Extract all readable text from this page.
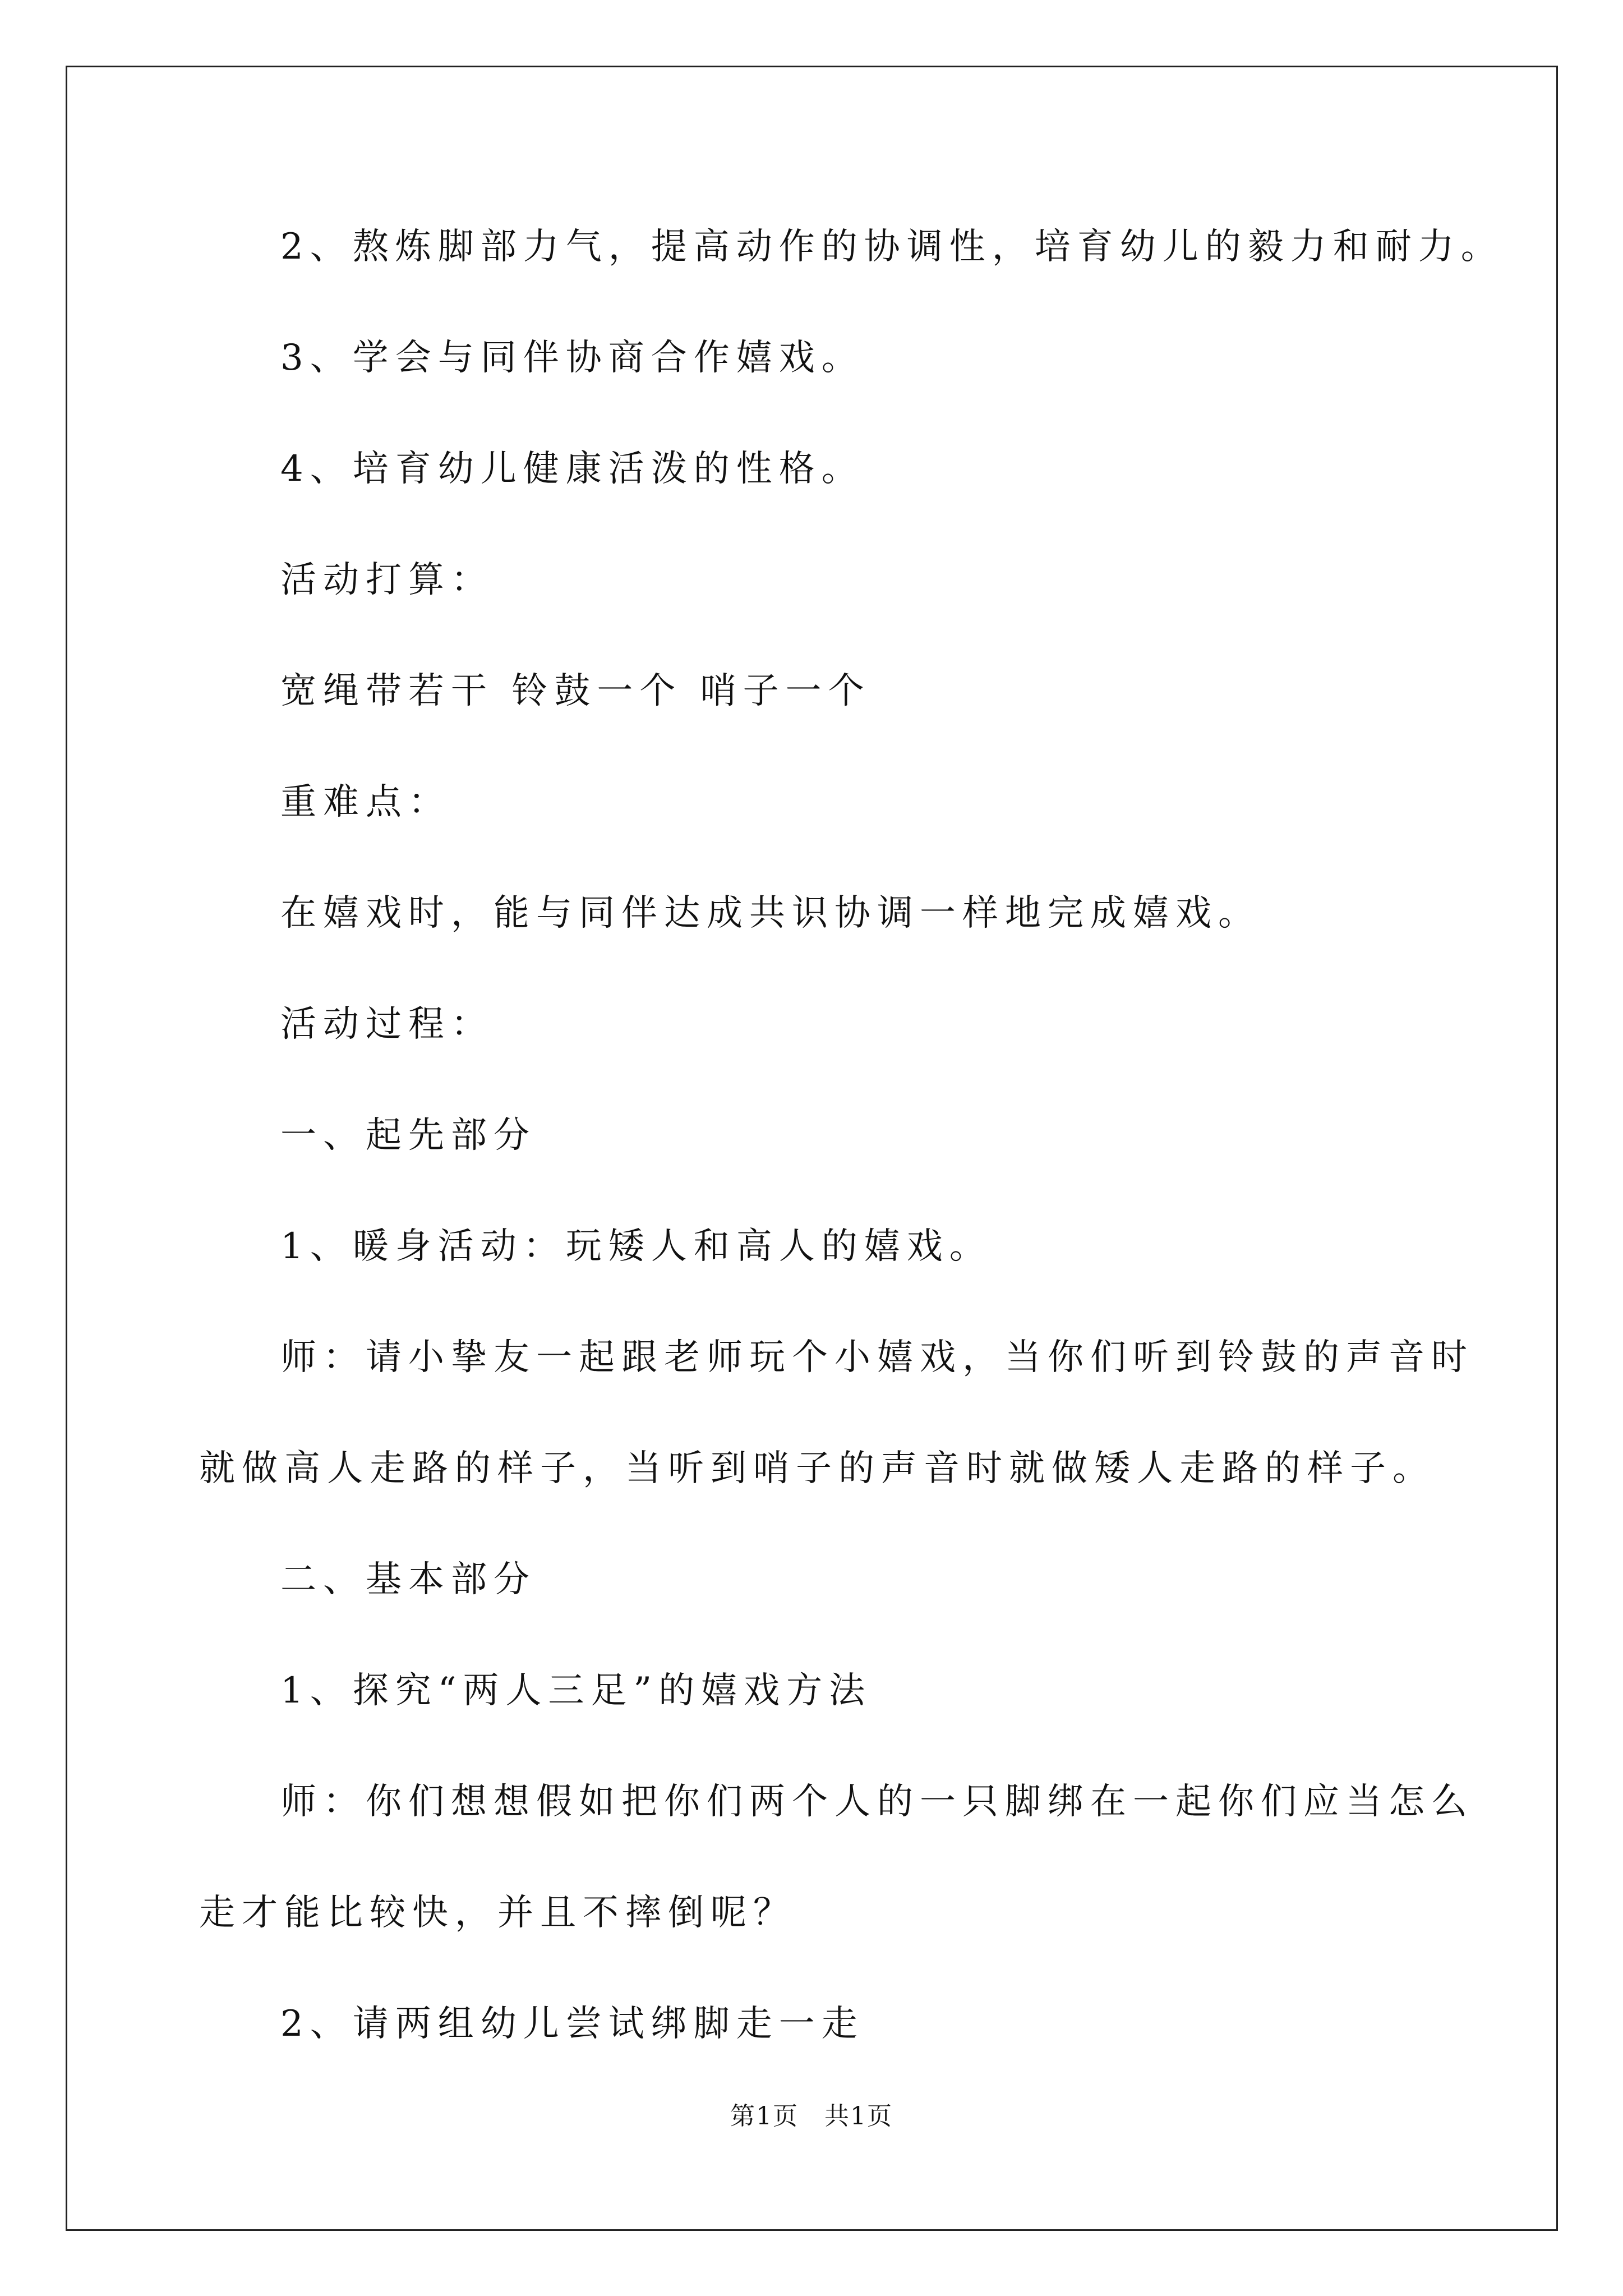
2、熬炼脚部力气，提高动作的协调性，培育幼儿的毅力和耐力。
3、学会与同伴协商合作嬉戏。
4、培育幼儿健康活泼的性格。
活动打算：
宽绳带若干 铃鼓一个 哨子一个
重难点：
在嬉戏时，能与同伴达成共识协调一样地完成嬉戏。
活动过程：
一、起先部分
1、暖身活动：玩矮人和高人的嬉戏。
师：请小挚友一起跟老师玩个小嬉戏，当你们听到铃鼓的声音时
就做高人走路的样子，当听到哨子的声音时就做矮人走路的样子。
二、基本部分
1、探究“两人三足”的嬉戏方法
师：你们想想假如把你们两个人的一只脚绑在一起你们应当怎么
走才能比较快，并且不摔倒呢？
2、请两组幼儿尝试绑脚走一走
第1页　共1页
